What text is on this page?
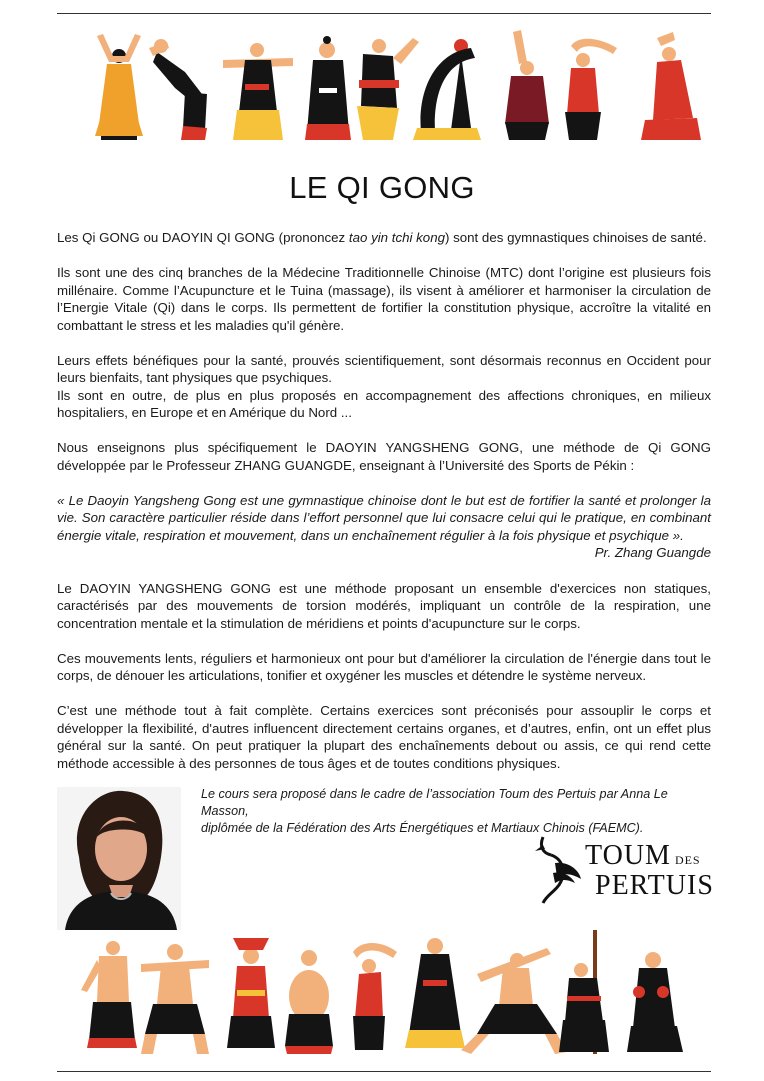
LE QI GONG

Les Qi GONG ou DAOYIN QI GONG (prononcez tao yin tchi kong) sont des gymnastiques chinoises de santé.

Ils sont une des cinq branches de la Médecine Traditionnelle Chinoise (MTC) dont l’origine est plusieurs fois millénaire. Comme l’Acupuncture et le Tuina (massage), ils visent à améliorer et harmoniser la circulation de l’Energie Vitale (Qi) dans le corps. Ils permettent de fortifier la constitution physique, accroître la vitalité en combattant le stress et les maladies qu'il génère.

Leurs effets bénéfiques pour la santé, prouvés scientifiquement, sont désormais reconnus en Occident pour leurs bienfaits, tant physiques que psychiques.

Ils sont en outre, de plus en plus proposés en accompagnement des affections chroniques, en milieux hospitaliers, en Europe et en Amérique du Nord ...

Nous enseignons plus spécifiquement le DAOYIN YANGSHENG GONG, une méthode de Qi GONG développée par le Professeur ZHANG GUANGDE, enseignant à l’Université des Sports de Pékin :

« Le Daoyin Yangsheng Gong est une gymnastique chinoise dont le but est de fortifier la santé et prolonger la vie. Son caractère particulier réside dans l’effort personnel que lui consacre celui qui le pratique, en combinant énergie vitale, respiration et mouvement, dans un enchaînement régulier à la fois physique et psychique ».

Pr. Zhang Guangde

Le DAOYIN YANGSHENG GONG est une méthode proposant un ensemble d'exercices non statiques, caractérisés par des mouvements de torsion modérés, impliquant un contrôle de la respiration, une concentration mentale et la stimulation de méridiens et points d'acupuncture sur le corps.

Ces mouvements lents, réguliers et harmonieux ont pour but d'améliorer la circulation de l'énergie dans tout le corps, de dénouer les articulations, tonifier et oxygéner les muscles et détendre le système nerveux.

C’est une méthode tout à fait complète. Certains exercices sont préconisés pour assouplir le corps et développer la flexibilité, d'autres influencent directement certains organes, et d’autres, enfin, ont un effet plus général sur la santé. On peut pratiquer la plupart des enchaînements debout ou assis, ce qui rend cette méthode accessible à des personnes de tous âges et de toutes conditions physiques.

Le cours sera proposé dans le cadre de l’association Toum des Pertuis par Anna Le Masson,
diplômée de la Fédération des Arts Énergétiques et Martiaux Chinois (FAEMC).
TOUM DES
PERTUIS
